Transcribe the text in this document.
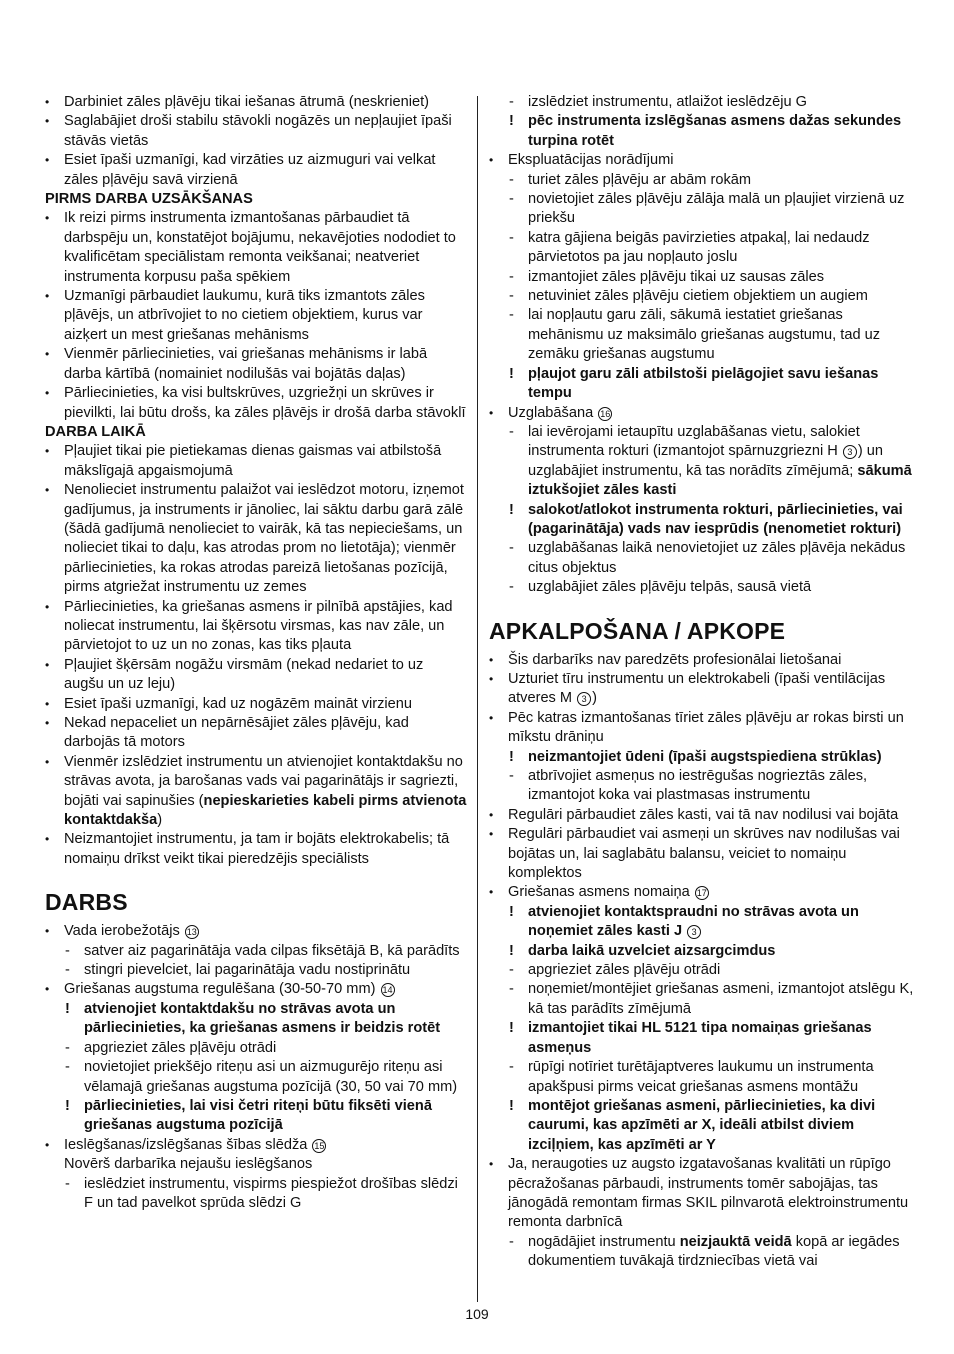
• Darbiniet zāles pļāvēju tikai iešanas ātrumā (neskrieniet)
• Saglabājiet droši stabilu stāvokli nogāzēs un nepļaujiet īpaši stāvās vietās
• Esiet īpaši uzmanīgi, kad virzāties uz aizmuguri vai velkat zāles pļāvēju savā virzienā
PIRMS DARBA UZSĀKŠANAS
• Ik reizi pirms instrumenta izmantošanas pārbaudiet tā darbspēju un, konstatējot bojājumu, nekavējoties nododiet to kvalificētam speciālistam remonta veikšanai; neatveriet instrumenta korpusu paša spēkiem
• Uzmanīgi pārbaudiet laukumu, kurā tiks izmantots zāles pļāvējs, un atbrīvojiet to no cietiem objektiem, kurus var aizķert un mest griešanas mehānisms
• Vienmēr pārliecinieties, vai griešanas mehānisms ir labā darba kārtībā (nomainiet nodilušās vai bojātās daļas)
• Pārliecinieties, ka visi bultskrūves, uzgriežņi un skrūves ir pievilkti, lai būtu drošs, ka zāles pļāvējs ir drošā darba stāvoklī
DARBA LAIKĀ
• Pļaujiet tikai pie pietiekamas dienas gaismas vai atbilstošā mākslīgajā apgaismojumā
• Nenolieciet instrumentu palaižot vai ieslēdzot motoru, izņemot gadījumus, ja instruments ir jānoliec, lai sāktu darbu garā zālē (šādā gadījumā nenolieciet to vairāk, kā tas nepieciešams, un nolieciet tikai to daļu, kas atrodas prom no lietotāja); vienmēr pārliecinieties, ka rokas atrodas pareizā lietošanas pozīcijā, pirms atgriežat instrumentu uz zemes
• Pārliecinieties, ka griešanas asmens ir pilnībā apstājies, kad noliecat instrumentu, lai šķērsotu virsmas, kas nav zāle, un pārvietojot to uz un no zonas, kas tiks pļauta
• Pļaujiet šķērsām nogāžu virsmām (nekad nedariet to uz augšu un uz leju)
• Esiet īpaši uzmanīgi, kad uz nogāzēm maināt virzienu
• Nekad nepaceliet un nepārnēsājiet zāles pļāvēju, kad darbojās tā motors
• Vienmēr izslēdziet instrumentu un atvienojiet kontaktdakšu no strāvas avota, ja barošanas vads vai pagarinātājs ir sagriezti, bojāti vai sapinušies (nepieskarieties kabeli pirms atvienota kontaktdakša)
• Neizmantojiet instrumentu, ja tam ir bojāts elektrokabelis; tā nomaiņu drīkst veikt tikai pieredzējis speciālists
DARBS
• Vada ierobežotājs 13
- satver aiz pagarinātāja vada cilpas fiksētājā B, kā parādīts
- stingri pievelciet, lai pagarinātāja vadu nostiprinātu
• Griešanas augstuma regulēšana (30-50-70 mm) 14
! atvienojiet kontaktdakšu no strāvas avota un pārliecinieties, ka griešanas asmens ir beidzis rotēt
- apgrieziet zāles pļāvēju otrādi
- novietojiet priekšējo riteņu asi un aizmugurējo riteņu asi vēlamajā griešanas augstuma pozīcijā (30, 50 vai 70 mm)
! pārliecinieties, lai visi četri riteņi būtu fiksēti vienā griešanas augstuma pozīcijā
• Ieslēgšanas/izslēgšanas šības slēdža 15
Novērš darbarīka nejaušu ieslēgšanos
- ieslēdziet instrumentu, vispirms piespiežot drošības slēdzi F un tad pavelkot sprūda slēdzi G
- izslēdziet instrumentu, atlaižot ieslēdzēju G
! pēc instrumenta izslēgšanas asmens dažas sekundes turpina rotēt
• Ekspluatācijas norādījumi
- turiet zāles pļāvēju ar abām rokām
- novietojiet zāles pļāvēju zālāja malā un pļaujiet virzienā uz priekšu
- katra gājiena beigās pavirzieties atpakaļ, lai nedaudz pārvietotos pa jau nopļauto joslu
- izmantojiet zāles pļāvēju tikai uz sausas zāles
- netuviniet zāles pļāvēju cietiem objektiem un augiem
- lai nopļautu garu zāli, sākumā iestatiet griešanas mehānismu uz maksimālo griešanas augstumu, tad uz zemāku griešanas augstumu
! pļaujot garu zāli atbilstoši pielāgojiet savu iešanas tempu
• Uzglabāšana 16
- lai ievērojami ietaupītu uzglabāšanas vietu, salokiet instrumenta rokturi (izmantojot spārnuzgriezni H 3 ) un uzglabājiet instrumentu, kā tas norādīts zīmējumā; sākumā iztukšojiet zāles kasti
! salokot/atlokot instrumenta rokturi, pārliecinieties, vai (pagarinātāja) vads nav iesprūdis (nenometiet rokturi)
- uzglabāšanas laikā nenovietojiet uz zāles pļāvēja nekādus citus objektus
- uzglabājiet zāles pļāvēju telpās, sausā vietā
APKALPOŠANA / APKOPE
• Šis darbarīks nav paredzēts profesionālai lietošanai
• Uzturiet tīru instrumentu un elektrokabeli (īpaši ventilācijas atveres M 3 )
• Pēc katras izmantošanas tīriet zāles pļāvēju ar rokas birsti un mīkstu drāniņu
! neizmantojiet ūdeni (īpaši augstspiediena strūklas)
- atbrīvojiet asmeņus no iestrēgušas nogrieztās zāles, izmantojot koka vai plastmasas instrumentu
• Regulāri pārbaudiet zāles kasti, vai tā nav nodilusi vai bojāta
• Regulāri pārbaudiet vai asmeņi un skrūves nav nodilušas vai bojātas un, lai saglabātu balansu, veiciet to nomaiņu komplektos
• Griešanas asmens nomaiņa 17
! atvienojiet kontaktspraudni no strāvas avota un noņemiet zāles kasti J 3
! darba laikā uzvelciet aizsargcimdus
- apgrieziet zāles pļāvēju otrādi
- noņemiet/montējiet griešanas asmeni, izmantojot atslēgu K, kā tas parādīts zīmējumā
! izmantojiet tikai HL 5121 tipa nomaiņas griešanas asmeņus
- rūpīgi notīriet turētājaptveres laukumu un instrumenta apakšpusi pirms veicat griešanas asmens montāžu
! montējot griešanas asmeni, pārliecinieties, ka divi caurumi, kas apzīmēti ar X, ideāli atbilst diviem izciļņiem, kas apzīmēti ar Y
• Ja, neraugoties uz augsto izgatavošanas kvalitāti un rūpīgo pēcražošanas pārbaudi, instruments tomēr sabojājas, tas jānogādā remontam firmas SKIL pilnvarotā elektroinstrumentu remonta darbnīcā
- nogādājiet instrumentu neizjauktā veidā kopā ar iegādes dokumentiem tuvākajā tirdzniecības vietā vai
109
